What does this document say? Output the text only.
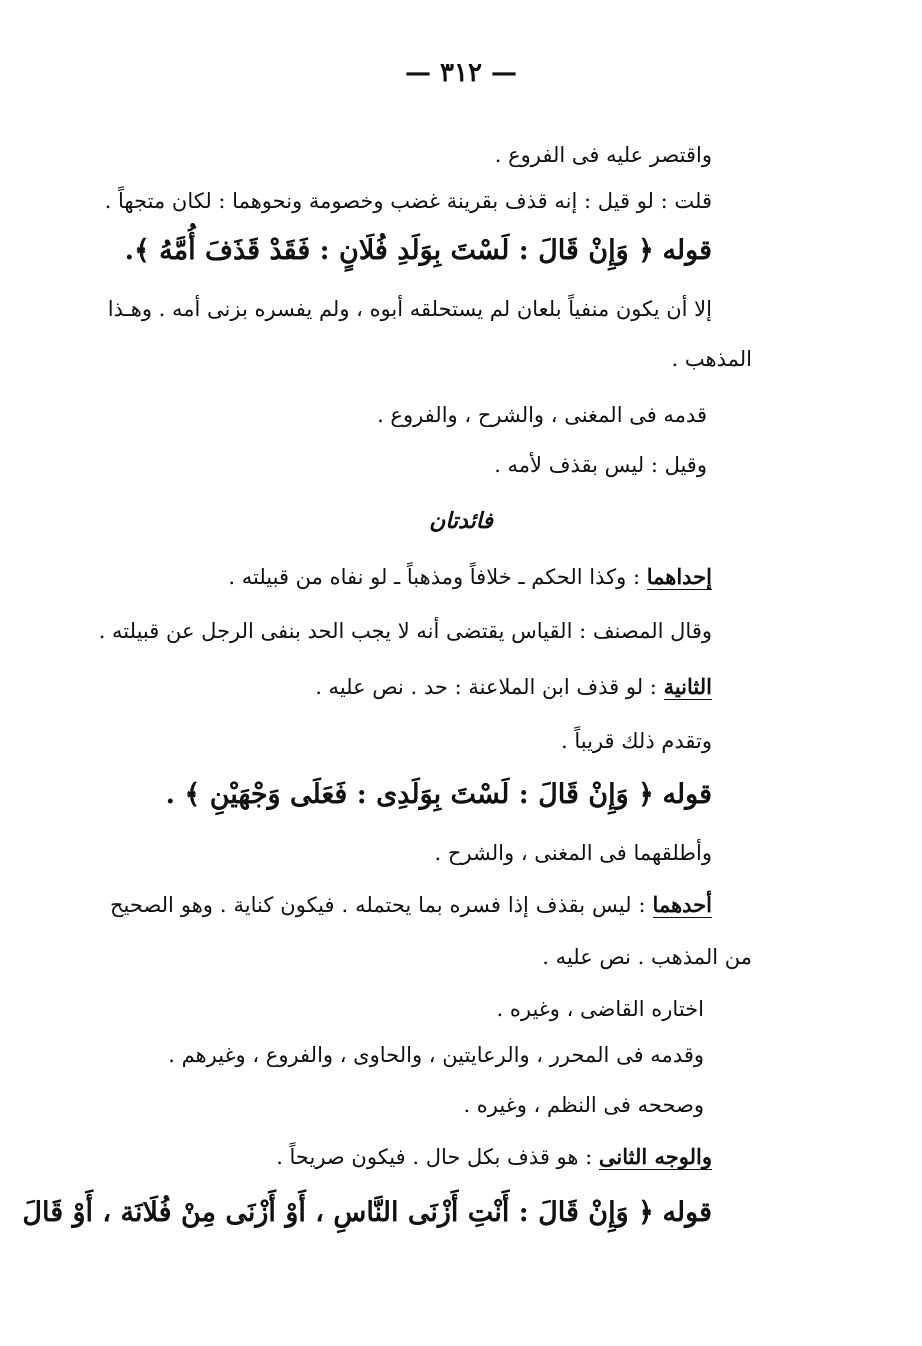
— ٣١٢ —
واقتصر عليه فى الفروع .
قلت : لو قيل : إنه قذف بقرينة غضب وخصومة ونحوهما : لكان متجهاً .
قوله ﴿ وَإِنْ قَالَ : لَسْتَ بِوَلَدِ فُلَانٍ : فَقَدْ قَذَفَ أُمَّهُ ﴾.
إلا أن يكون منفياً بلعان لم يستحلقه أبوه ، ولم يفسره بزنى أمه . وهـذا
المذهب .
قدمه فى المغنى ، والشرح ، والفروع .
وقيل : ليس بقذف لأمه .
فائدتان
إحداهما : وكذا الحكم ـ خلافاً ومذهباً ـ لو نفاه من قبيلته .
وقال المصنف : القياس يقتضى أنه لا يجب الحد بنفى الرجل عن قبيلته .
الثانية : لو قذف ابن الملاعنة : حد . نص عليه .
وتقدم ذلك قريباً .
قوله ﴿ وَإِنْ قَالَ : لَسْتَ بِوَلَدِى : فَعَلَى وَجْهَيْنِ ﴾ .
وأطلقهما فى المغنى ، والشرح .
أحدهما : ليس بقذف إذا فسره بما يحتمله . فيكون كناية . وهو الصحيح
من المذهب . نص عليه .
اختاره القاضى ، وغيره .
وقدمه فى المحرر ، والرعايتين ، والحاوى ، والفروع ، وغيرهم .
وصححه فى النظم ، وغيره .
والوجه الثانى : هو قذف بكل حال . فيكون صريحاً .
قوله ﴿ وَإِنْ قَالَ : أَنْتِ أَزْنَى النَّاسِ ، أَوْ أَزْنَى مِنْ فُلَانَة ، أَوْ قَالَ
